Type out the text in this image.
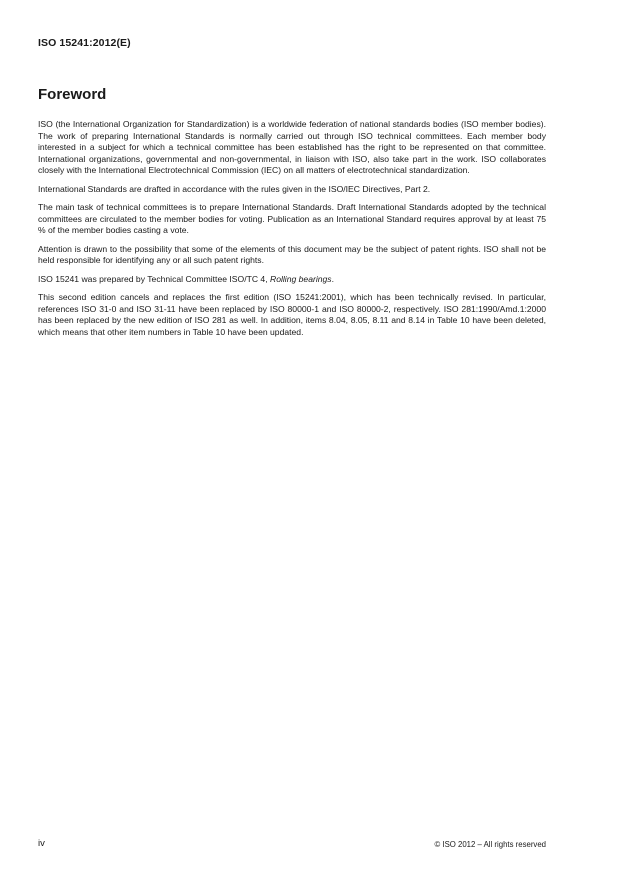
ISO 15241:2012(E)
Foreword

ISO (the International Organization for Standardization) is a worldwide federation of national standards bodies (ISO member bodies). The work of preparing International Standards is normally carried out through ISO technical committees. Each member body interested in a subject for which a technical committee has been established has the right to be represented on that committee. International organizations, governmental and non-governmental, in liaison with ISO, also take part in the work. ISO collaborates closely with the International Electrotechnical Commission (IEC) on all matters of electrotechnical standardization.

International Standards are drafted in accordance with the rules given in the ISO/IEC Directives, Part 2.

The main task of technical committees is to prepare International Standards. Draft International Standards adopted by the technical committees are circulated to the member bodies for voting. Publication as an International Standard requires approval by at least 75 % of the member bodies casting a vote.

Attention is drawn to the possibility that some of the elements of this document may be the subject of patent rights. ISO shall not be held responsible for identifying any or all such patent rights.

ISO 15241 was prepared by Technical Committee ISO/TC 4, Rolling bearings.

This second edition cancels and replaces the first edition (ISO 15241:2001), which has been technically revised. In particular, references ISO 31-0 and ISO 31-11 have been replaced by ISO 80000-1 and ISO 80000-2, respectively. ISO 281:1990/Amd.1:2000 has been replaced by the new edition of ISO 281 as well. In addition, items 8.04, 8.05, 8.11 and 8.14 in Table 10 have been deleted, which means that other item numbers in Table 10 have been updated.

iv	© ISO 2012 – All rights reserved
